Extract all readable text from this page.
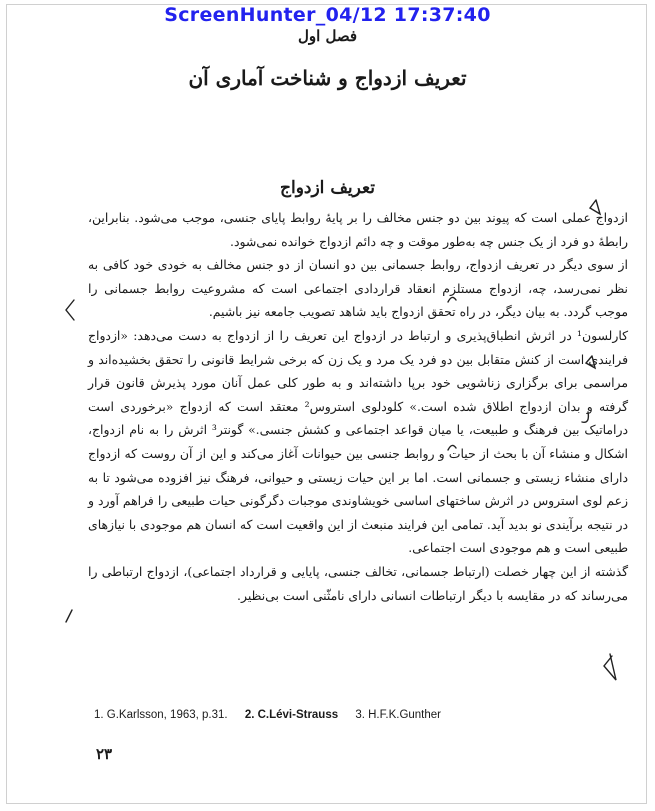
ScreenHunter_04/12 17:37:40
فصل اول
تعریف ازدواج و شناخت آماری آن
تعریف ازدواج

ازدواج عملی است که پیوند بین دو جنس مخالف را بر پایهٔ روابط پایای جنسی، موجب می‌شود. بنابراین، رابطهٔ دو فرد از یک جنس چه به‌طور موقت و چه دائم ازدواج خوانده نمی‌شود.

از سوی دیگر در تعریف ازدواج، روابط جسمانی بین دو انسان از دو جنس مخالف به خودی خود کافی به نظر نمی‌رسد، چه، ازدواج مستلزم انعقاد قراردادی اجتماعی است که مشروعیت روابط جسمانی را موجب گردد. به بیان دیگر، در راه تحقق ازدواج باید شاهد تصویب جامعه نیز باشیم.

کارلسون¹ در اثرش انطباق‌پذیری و ارتباط در ازدواج این تعریف را از ازدواج به دست می‌دهد: «ازدواج فرایندی است از کنش متقابل بین دو فرد یک مرد و یک زن که برخی شرایط قانونی را تحقق بخشیده‌اند و مراسمی برای برگزاری زناشویی خود برپا داشته‌اند و به طور کلی عمل آنان مورد پذیرش قانون قرار گرفته و بدان ازدواج اطلاق شده است.» کلودلوی استروس² معتقد است که ازدواج «برخوردی است دراماتیک بین فرهنگ و طبیعت، یا میان قواعد اجتماعی و کشش جنسی.» گونتر³ اثرش را به نام ازدواج، اشکال و منشاء آن با بحث از حیات و روابط جنسی بین حیوانات آغاز می‌کند و این از آن روست که ازدواج دارای منشاء زیستی و جسمانی است. اما بر این حیات زیستی و حیوانی، فرهنگ نیز افزوده می‌شود تا به زعم لوی استروس در اثرش ساختهای اساسی خویشاوندی موجبات دگرگونی حیات طبیعی را فراهم آورد و در نتیجه برآیندی نو بدید آید. تمامی این فرایند منبعث از این واقعیت است که انسان هم موجودی با نیازهای طبیعی است و هم موجودی است اجتماعی.

گذشته از این چهار خصلت (ارتباط جسمانی، تخالف جنسی، پایایی و قرارداد اجتماعی)، ازدواج ارتباطی را می‌رساند که در مقایسه با دیگر ارتباطات انسانی دارای نامثّنی است بی‌نظیر.

1. G.Karlsson, 1963, p.31. 2. C.Lévi-Strauss 3. H.F.K.Gunther
۲۳
